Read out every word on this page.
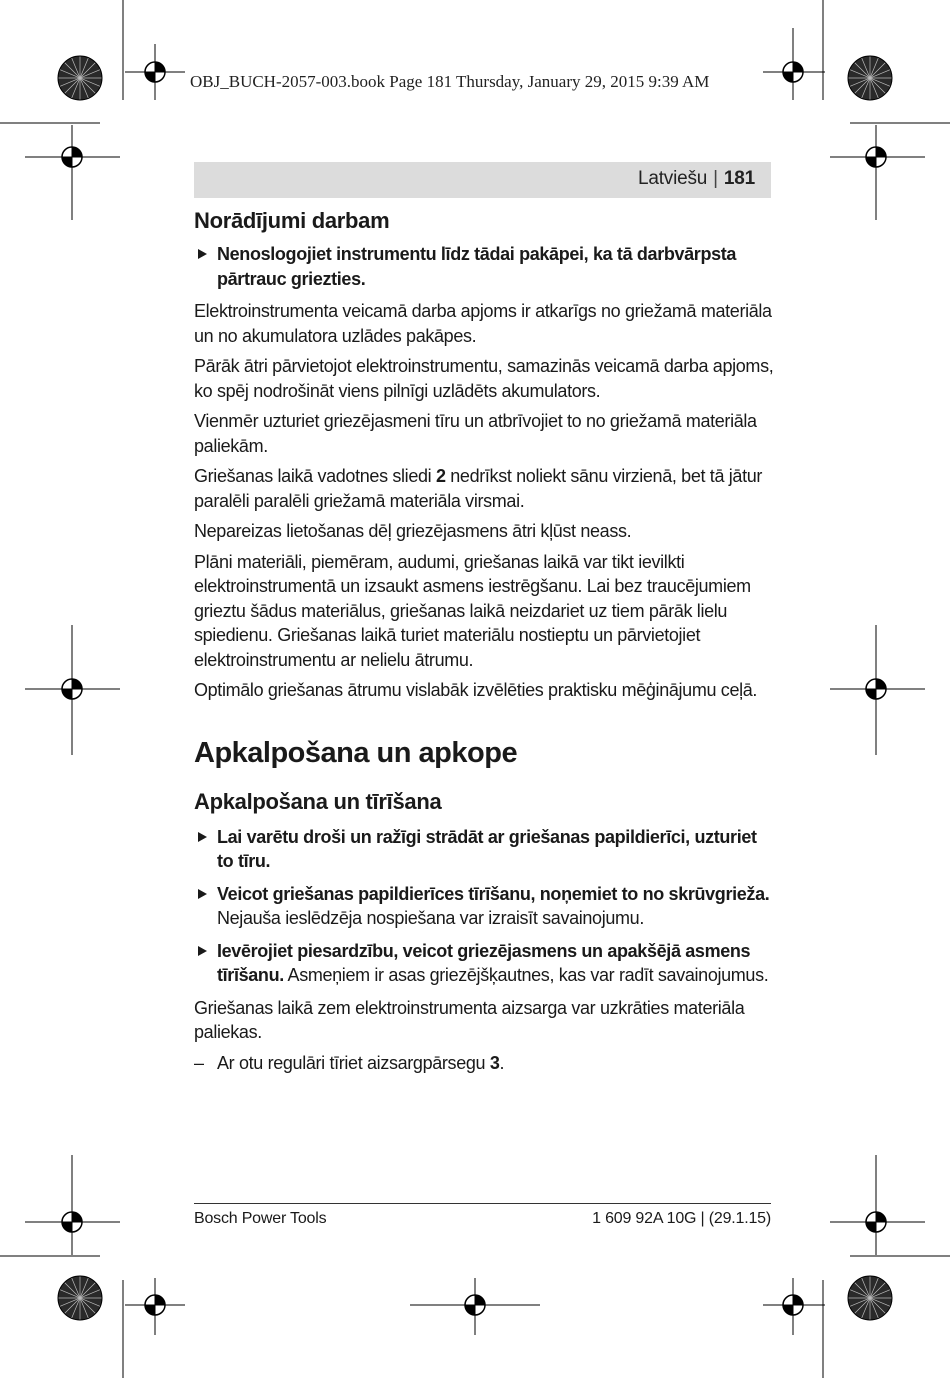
OBJ_BUCH-2057-003.book Page 181 Thursday, January 29, 2015 9:39 AM
Latviešu | 181
Norādījumi darbam
Nenoslogojiet instrumentu līdz tādai pakāpei, ka tā darbvārpsta pārtrauc griezties.

Elektroinstrumenta veicamā darba apjoms ir atkarīgs no griežamā materiāla un no akumulatora uzlādes pakāpes.

Pārāk ātri pārvietojot elektroinstrumentu, samazinās veicamā darba apjoms, ko spēj nodrošināt viens pilnīgi uzlādēts akumulators.

Vienmēr uzturiet griezējasmeni tīru un atbrīvojiet to no griežamā materiāla paliekām.

Griešanas laikā vadotnes sliedi 2 nedrīkst noliekt sānu virzienā, bet tā jātur paralēli paralēli griežamā materiāla virsmai.

Nepareizas lietošanas dēļ griezējasmens ātri kļūst neass.

Plāni materiāli, piemēram, audumi, griešanas laikā var tikt ievilkti elektroinstrumentā un izsaukt asmens iestrēgšanu. Lai bez traucējumiem grieztu šādus materiālus, griešanas laikā neizdariet uz tiem pārāk lielu spiedienu. Griešanas laikā turiet materiālu nostieptu un pārvietojiet elektroinstrumentu ar nelielu ātrumu.

Optimālo griešanas ātrumu vislabāk izvēlēties praktisku mēģinājumu ceļā.

Apkalpošana un apkope
Apkalpošana un tīrīšana
Lai varētu droši un ražīgi strādāt ar griešanas papildierīci, uzturiet to tīru.
Veicot griešanas papildierīces tīrīšanu, noņemiet to no skrūvgrieža. Nejauša ieslēdzēja nospiešana var izraisīt savainojumu.
Ievērojiet piesardzību, veicot griezējasmens un apakšējā asmens tīrīšanu. Asmeņiem ir asas griezējšķautnes, kas var radīt savainojumus.

Griešanas laikā zem elektroinstrumenta aizsarga var uzkrāties materiāla paliekas.

– Ar otu regulāri tīriet aizsargpārsegu 3.
Bosch Power Tools	1 609 92A 10G | (29.1.15)
